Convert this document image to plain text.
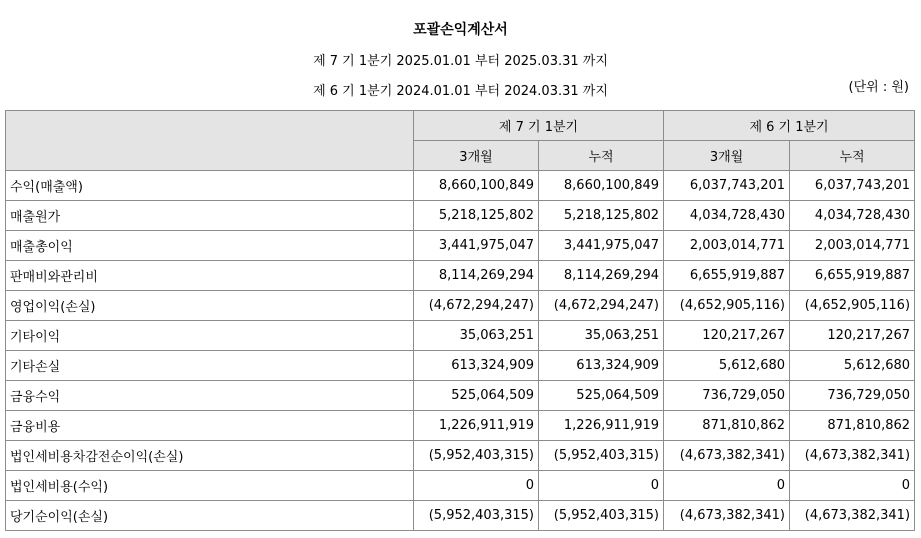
포괄손익계산서
제 7 기 1분기 2025.01.01 부터 2025.03.31 까지
제 6 기 1분기 2024.01.01 부터 2024.03.31 까지	(단위 : 원)
	제 7 기 1분기		제 6 기 1분기	
	3개월	누적	3개월	누적
수익(매출액)	8,660,100,849	8,660,100,849	6,037,743,201	6,037,743,201
매출원가	5,218,125,802	5,218,125,802	4,034,728,430	4,034,728,430
매출총이익	3,441,975,047	3,441,975,047	2,003,014,771	2,003,014,771
판매비와관리비	8,114,269,294	8,114,269,294	6,655,919,887	6,655,919,887
영업이익(손실)	(4,672,294,247)	(4,672,294,247)	(4,652,905,116)	(4,652,905,116)
기타이익	35,063,251	35,063,251	120,217,267	120,217,267
기타손실	613,324,909	613,324,909	5,612,680	5,612,680
금융수익	525,064,509	525,064,509	736,729,050	736,729,050
금융비용	1,226,911,919	1,226,911,919	871,810,862	871,810,862
법인세비용차감전순이익(손실)	(5,952,403,315)	(5,952,403,315)	(4,673,382,341)	(4,673,382,341)
법인세비용(수익)	0	0	0	0
당기순이익(손실)	(5,952,403,315)	(5,952,403,315)	(4,673,382,341)	(4,673,382,341)
